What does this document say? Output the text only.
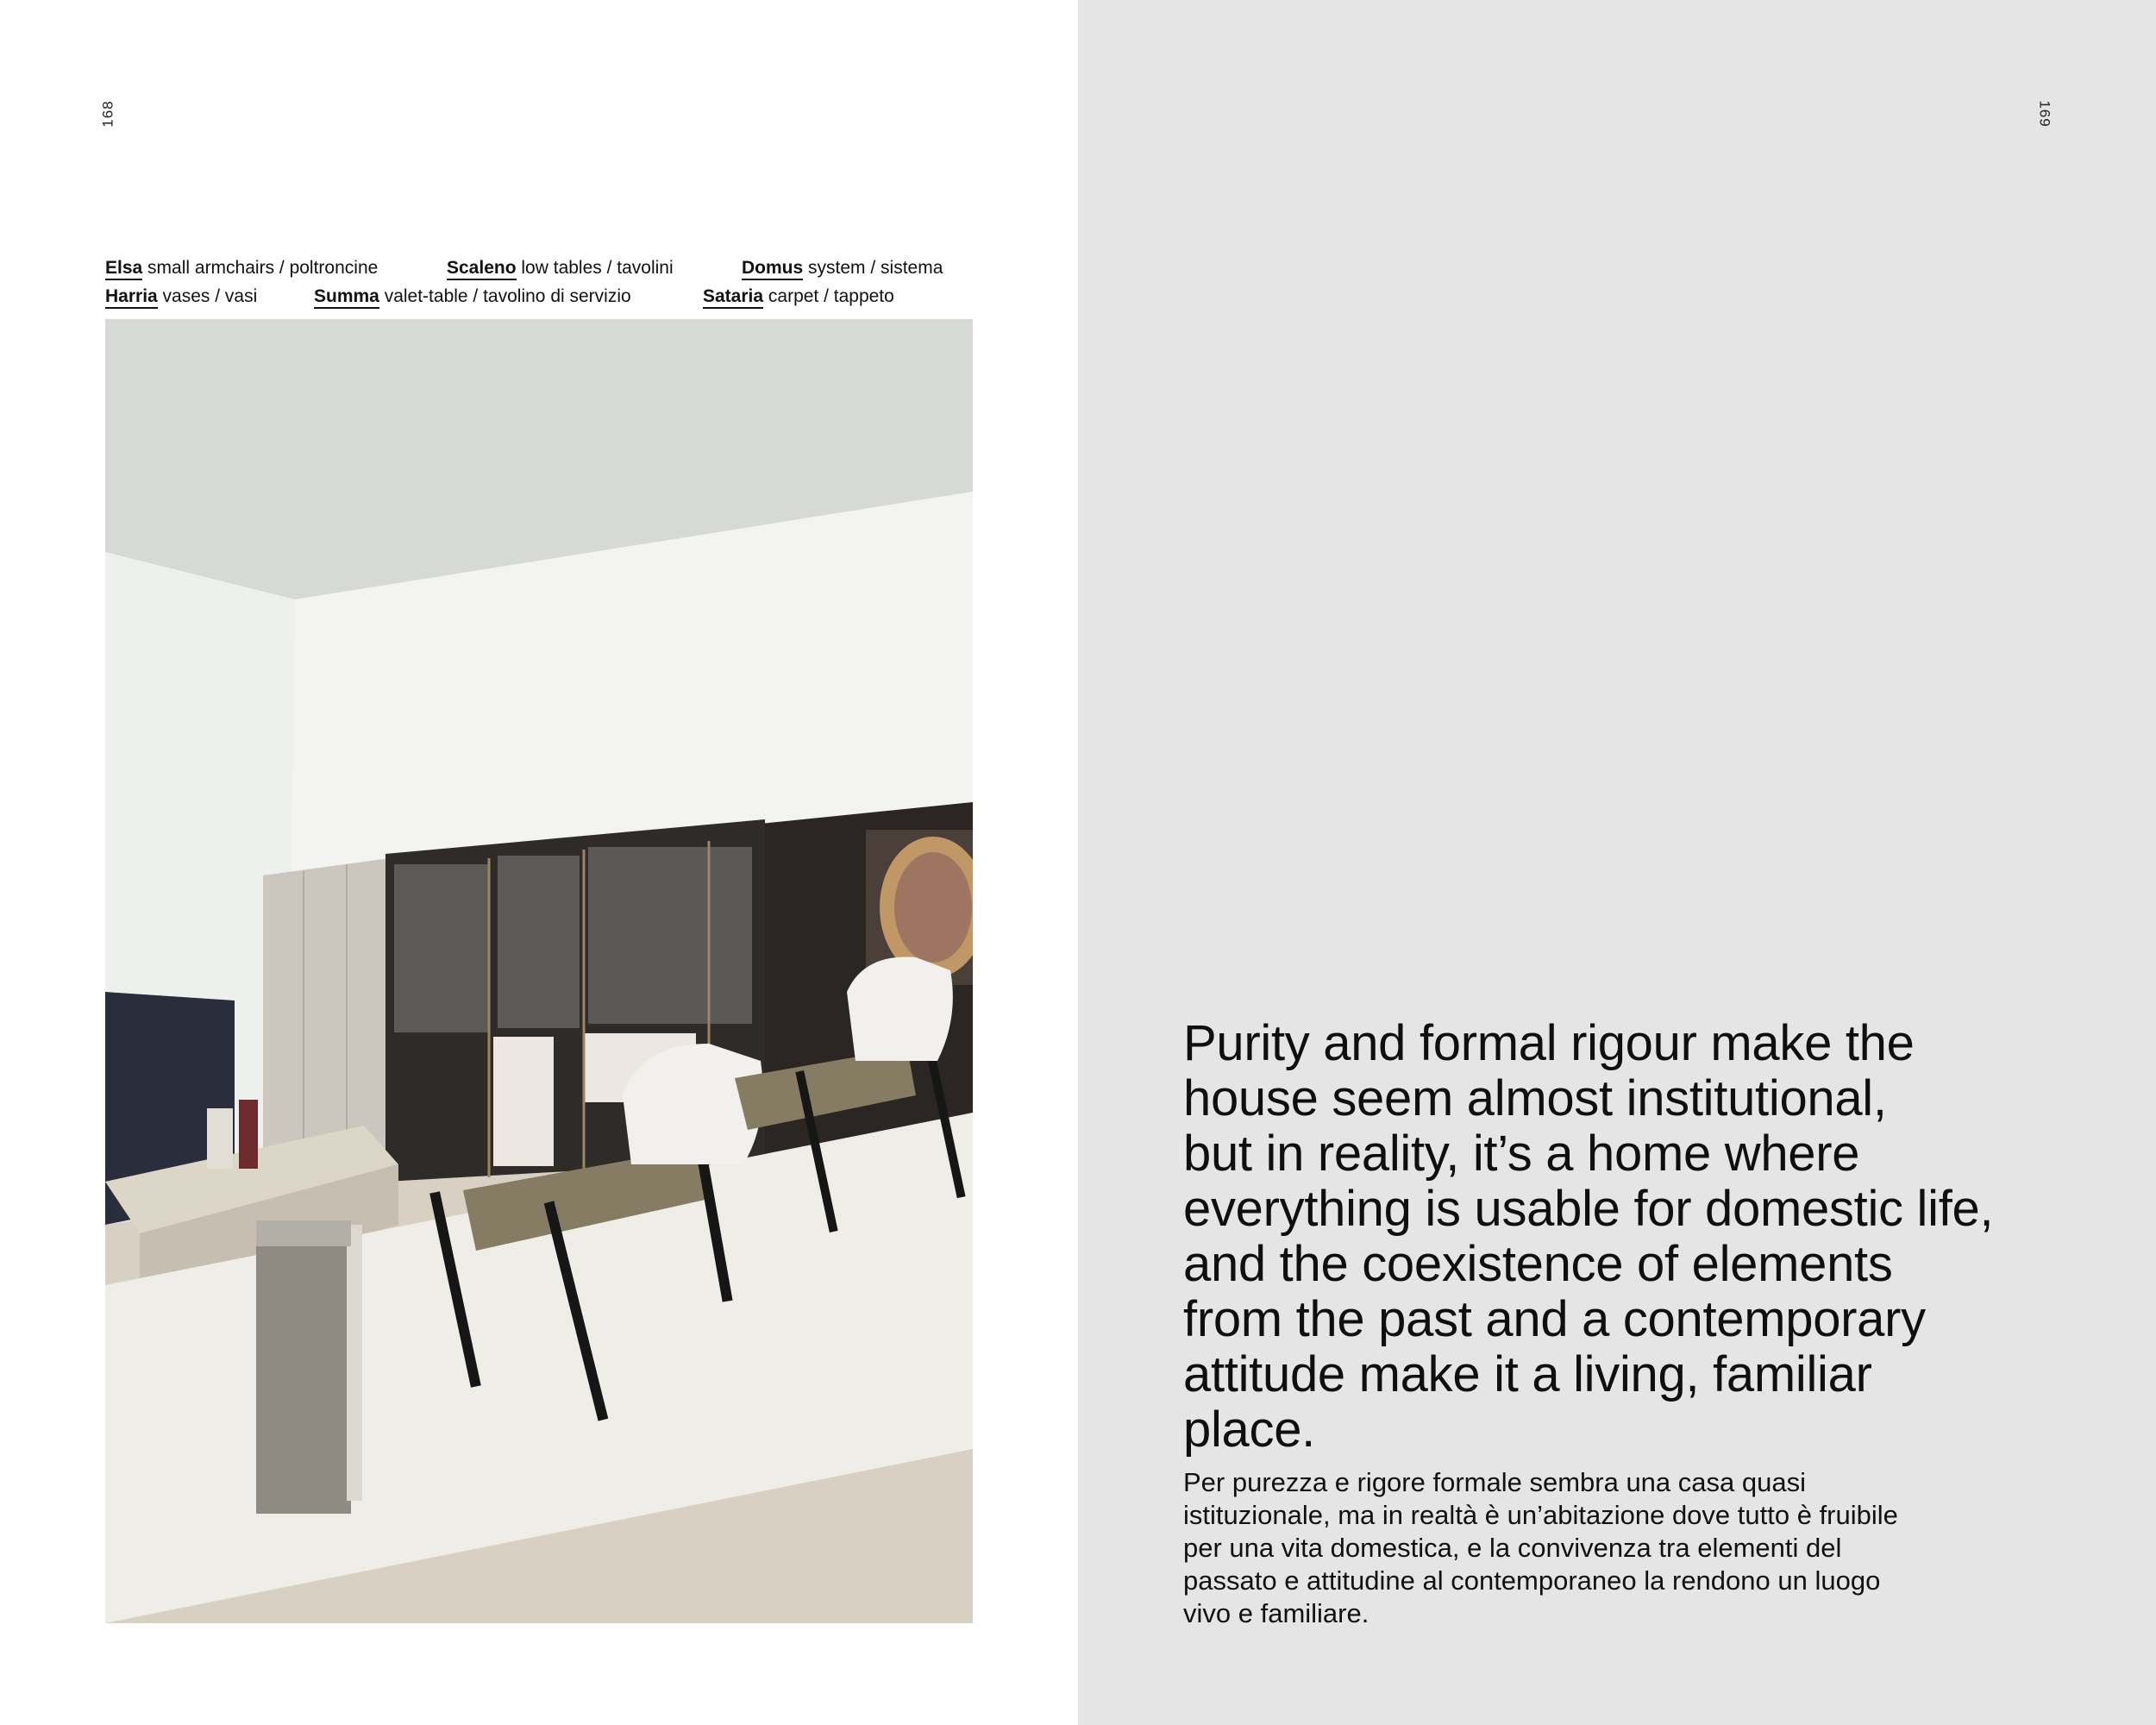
168
Elsa small armchairs / poltroncine	Scaleno low tables / tavolini	Domus system / sistema
Harria vases / vasi	Summa valet-table / tavolino di servizio	Sataria carpet / tappeto
169
Purity and formal rigour make the
house seem almost institutional,
but in reality, it’s a home where
everything is usable for domestic life,
and the coexistence of elements
from the past and a contemporary
attitude make it a living, familiar
place.
Per purezza e rigore formale sembra una casa quasi
istituzionale, ma in realtà è un’abitazione dove tutto è fruibile
per una vita domestica, e la convivenza tra elementi del
passato e attitudine al contemporaneo la rendono un luogo
vivo e familiare.
